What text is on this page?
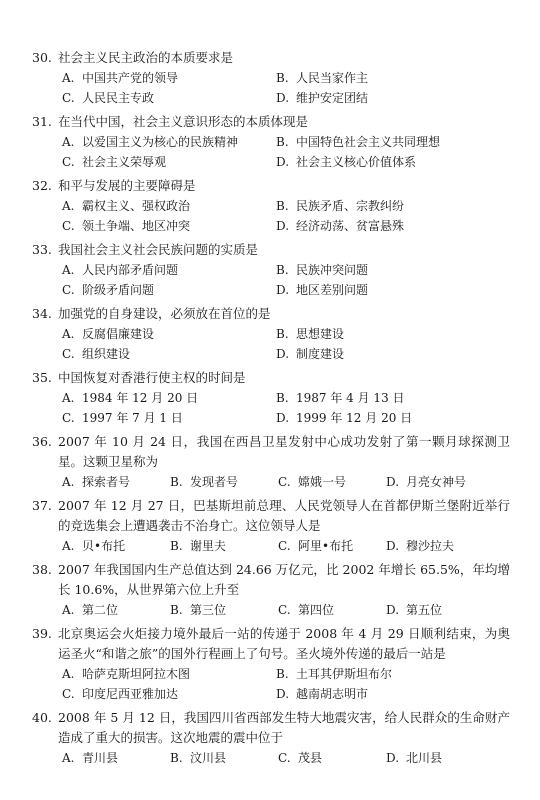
30. 社会主义民主政治的本质要求是
A. 中国共产党的领导	B. 人民当家作主
C. 人民民主专政	D. 维护安定团结
31. 在当代中国，社会主义意识形态的本质体现是
A. 以爱国主义为核心的民族精神	B. 中国特色社会主义共同理想
C. 社会主义荣辱观	D. 社会主义核心价值体系
32. 和平与发展的主要障碍是
A. 霸权主义、强权政治	B. 民族矛盾、宗教纠纷
C. 领土争端、地区冲突	D. 经济动荡、贫富悬殊
33. 我国社会主义社会民族问题的实质是
A. 人民内部矛盾问题	B. 民族冲突问题
C. 阶级矛盾问题	D. 地区差别问题
34. 加强党的自身建设，必须放在首位的是
A. 反腐倡廉建设	B. 思想建设
C. 组织建设	D. 制度建设
35. 中国恢复对香港行使主权的时间是
A. 1984 年 12 月 20 日	B. 1987 年 4 月 13 日
C. 1997 年 7 月 1 日	D. 1999 年 12 月 20 日
36. 2007 年 10 月 24 日，我国在西昌卫星发射中心成功发射了第一颗月球探测卫星。这颗卫星称为
A. 探索者号	B. 发现者号	C. 嫦娥一号	D. 月亮女神号
37. 2007 年 12 月 27 日，巴基斯坦前总理、人民党领导人在首都伊斯兰堡附近举行的竞选集会上遭遇袭击不治身亡。这位领导人是
A. 贝•布托	B. 谢里夫	C. 阿里•布托	D. 穆沙拉夫
38. 2007 年我国国内生产总值达到 24.66 万亿元，比 2002 年增长 65.5%，年均增长 10.6%，从世界第六位上升至
A. 第二位	B. 第三位	C. 第四位	D. 第五位
39. 北京奥运会火炬接力境外最后一站的传递于 2008 年 4 月 29 日顺利结束，为奥运圣火“和谐之旅”的国外行程画上了句号。圣火境外传递的最后一站是
A. 哈萨克斯坦阿拉木图	B. 土耳其伊斯坦布尔
C. 印度尼西亚雅加达	D. 越南胡志明市
40. 2008 年 5 月 12 日，我国四川省西部发生特大地震灾害，给人民群众的生命财产造成了重大的损害。这次地震的震中位于
A. 青川县	B. 汶川县	C. 茂县	D. 北川县
